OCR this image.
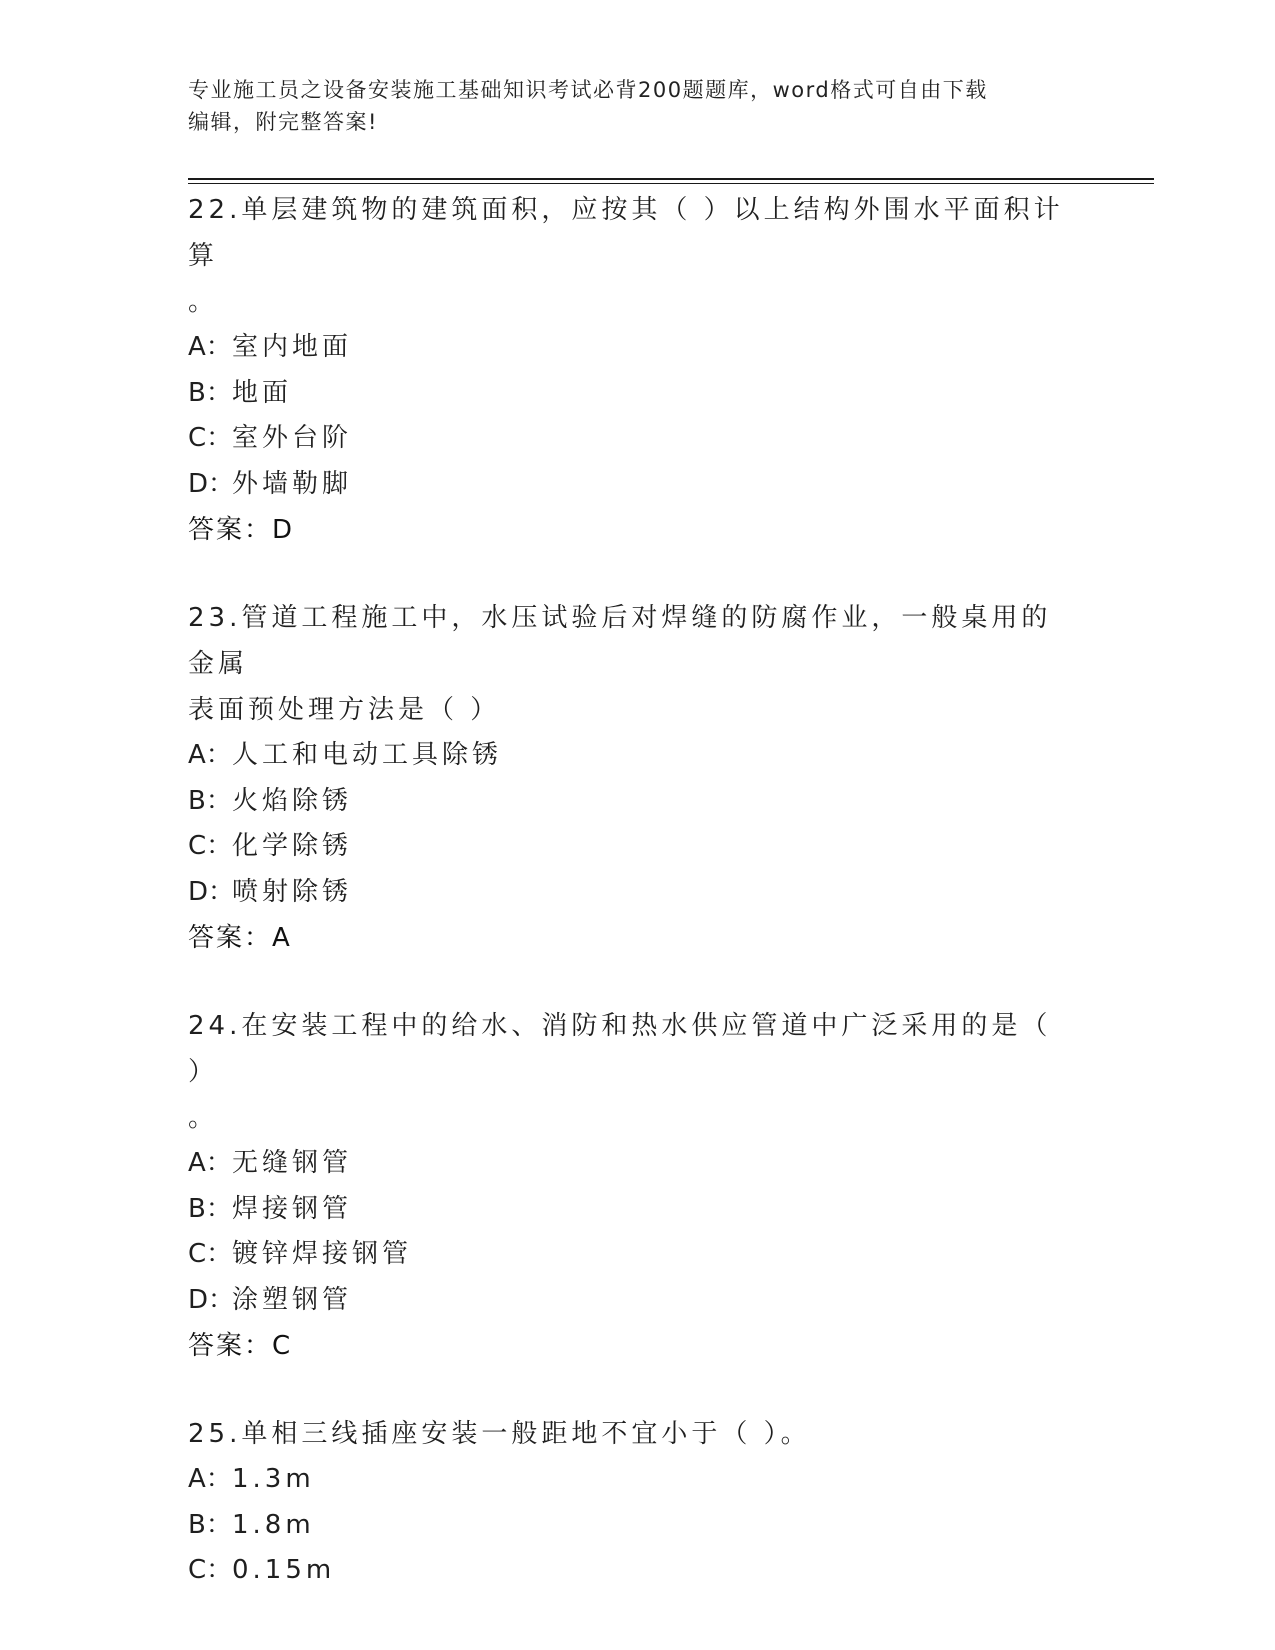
专业施工员之设备安装施工基础知识考试必背200题题库，word格式可自由下载
编辑，附完整答案!
22.单层建筑物的建筑面积，应按其（ ）以上结构外围水平面积计算
。
A：室内地面
B：地面
C：室外台阶
D：外墙勒脚
答案：D
23.管道工程施工中，水压试验后对焊缝的防腐作业，一般桌用的金属
表面预处理方法是（ ）
A：人工和电动工具除锈
B：火焰除锈
C：化学除锈
D：喷射除锈
答案：A
24.在安装工程中的给水、消防和热水供应管道中广泛采用的是（ ）
。
A：无缝钢管
B：焊接钢管
C：镀锌焊接钢管
D：涂塑钢管
答案：C
25.单相三线插座安装一般距地不宜小于（ ）。
A：1.3m
B：1.8m
C：0.15m
